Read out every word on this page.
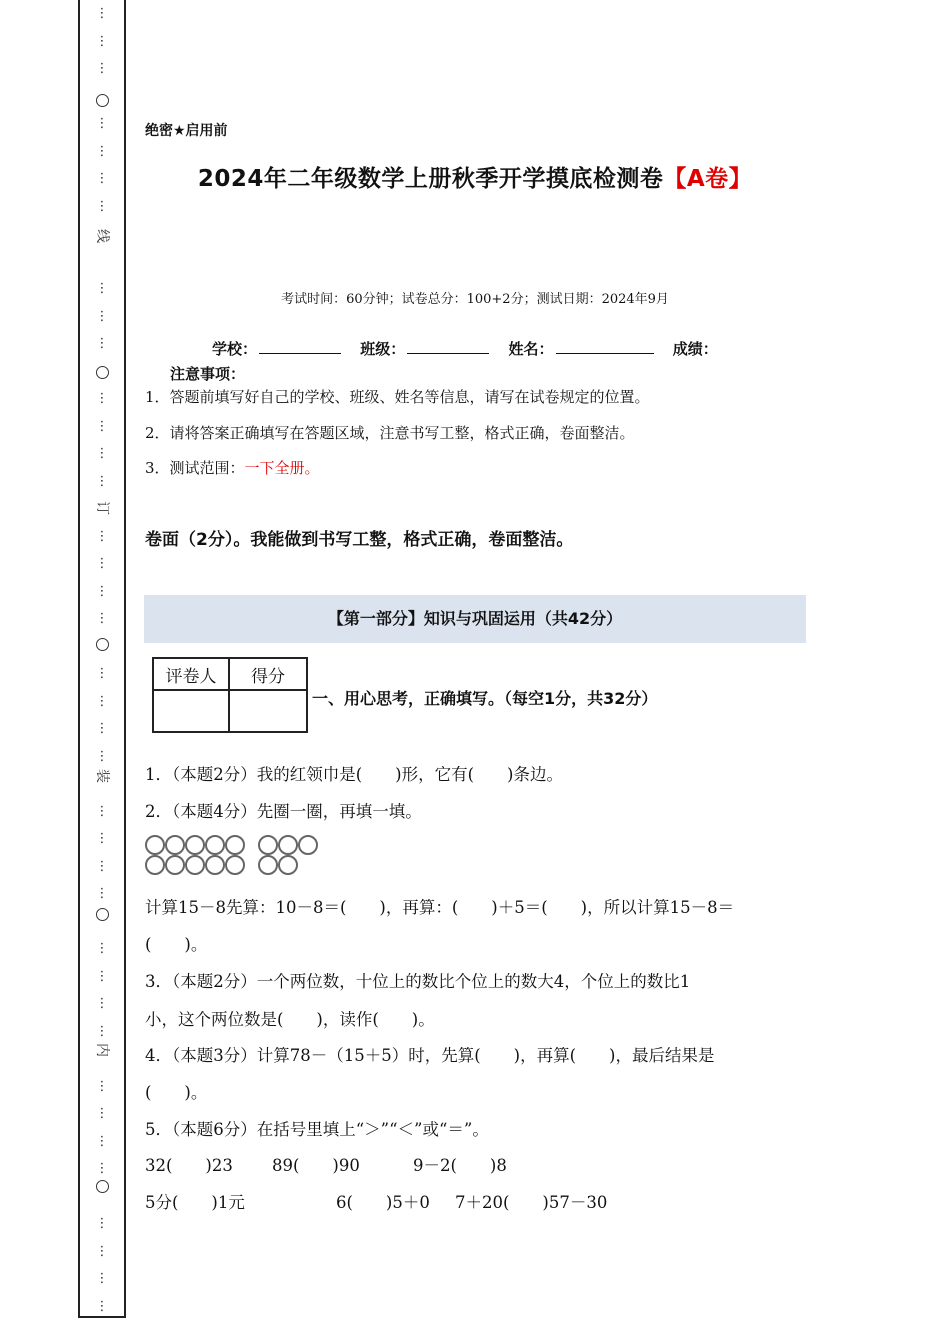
⋮
⋮
⋮
⋮
⋮
⋮
⋮
⋮
⋮
⋮
⋮
⋮
⋮
⋮
⋮
⋮
⋮
⋮
⋮
⋮
⋮
⋮
⋮
⋮
⋮
⋮
⋮
⋮
⋮
⋮
⋮
⋮
⋮
⋮
⋮
⋮
⋮
⋮
线
订
装
内
绝密★启用前
2024年二年级数学上册秋季开学摸底检测卷【A卷】
考试时间：60分钟；试卷总分：100+2分；测试日期：2024年9月
学校：	班级：	姓名：	成绩：
注意事项：
1．答题前填写好自己的学校、班级、姓名等信息，请写在试卷规定的位置。
2．请将答案正确填写在答题区域，注意书写工整，格式正确，卷面整洁。
3．测试范围：一下全册。
卷面（2分）。我能做到书写工整，格式正确，卷面整洁。
【第一部分】知识与巩固运用（共42分）
评卷人	得分

一、用心思考，正确填写。（每空1分，共32分）
1．（本题2分）我的红领巾是(　　)形，它有(　　)条边。
2．（本题4分）先圈一圈，再填一填。
计算15－8先算：10－8＝(　　)，再算：(　　)＋5＝(　　)，所以计算15－8＝
(　　)。
3．（本题2分）一个两位数，十位上的数比个位上的数大4，个位上的数比1
小，这个两位数是(　　)，读作(　　)。
4．（本题3分）计算78－（15＋5）时，先算(　　)，再算(　　)，最后结果是
(　　)。
5．（本题6分）在括号里填上“＞”“＜”或“＝”。
32(　　)23 89(　　)90	9－2(　　)8
5分(　　)1元	6(　　)5＋0 7＋20(　　)57－30
